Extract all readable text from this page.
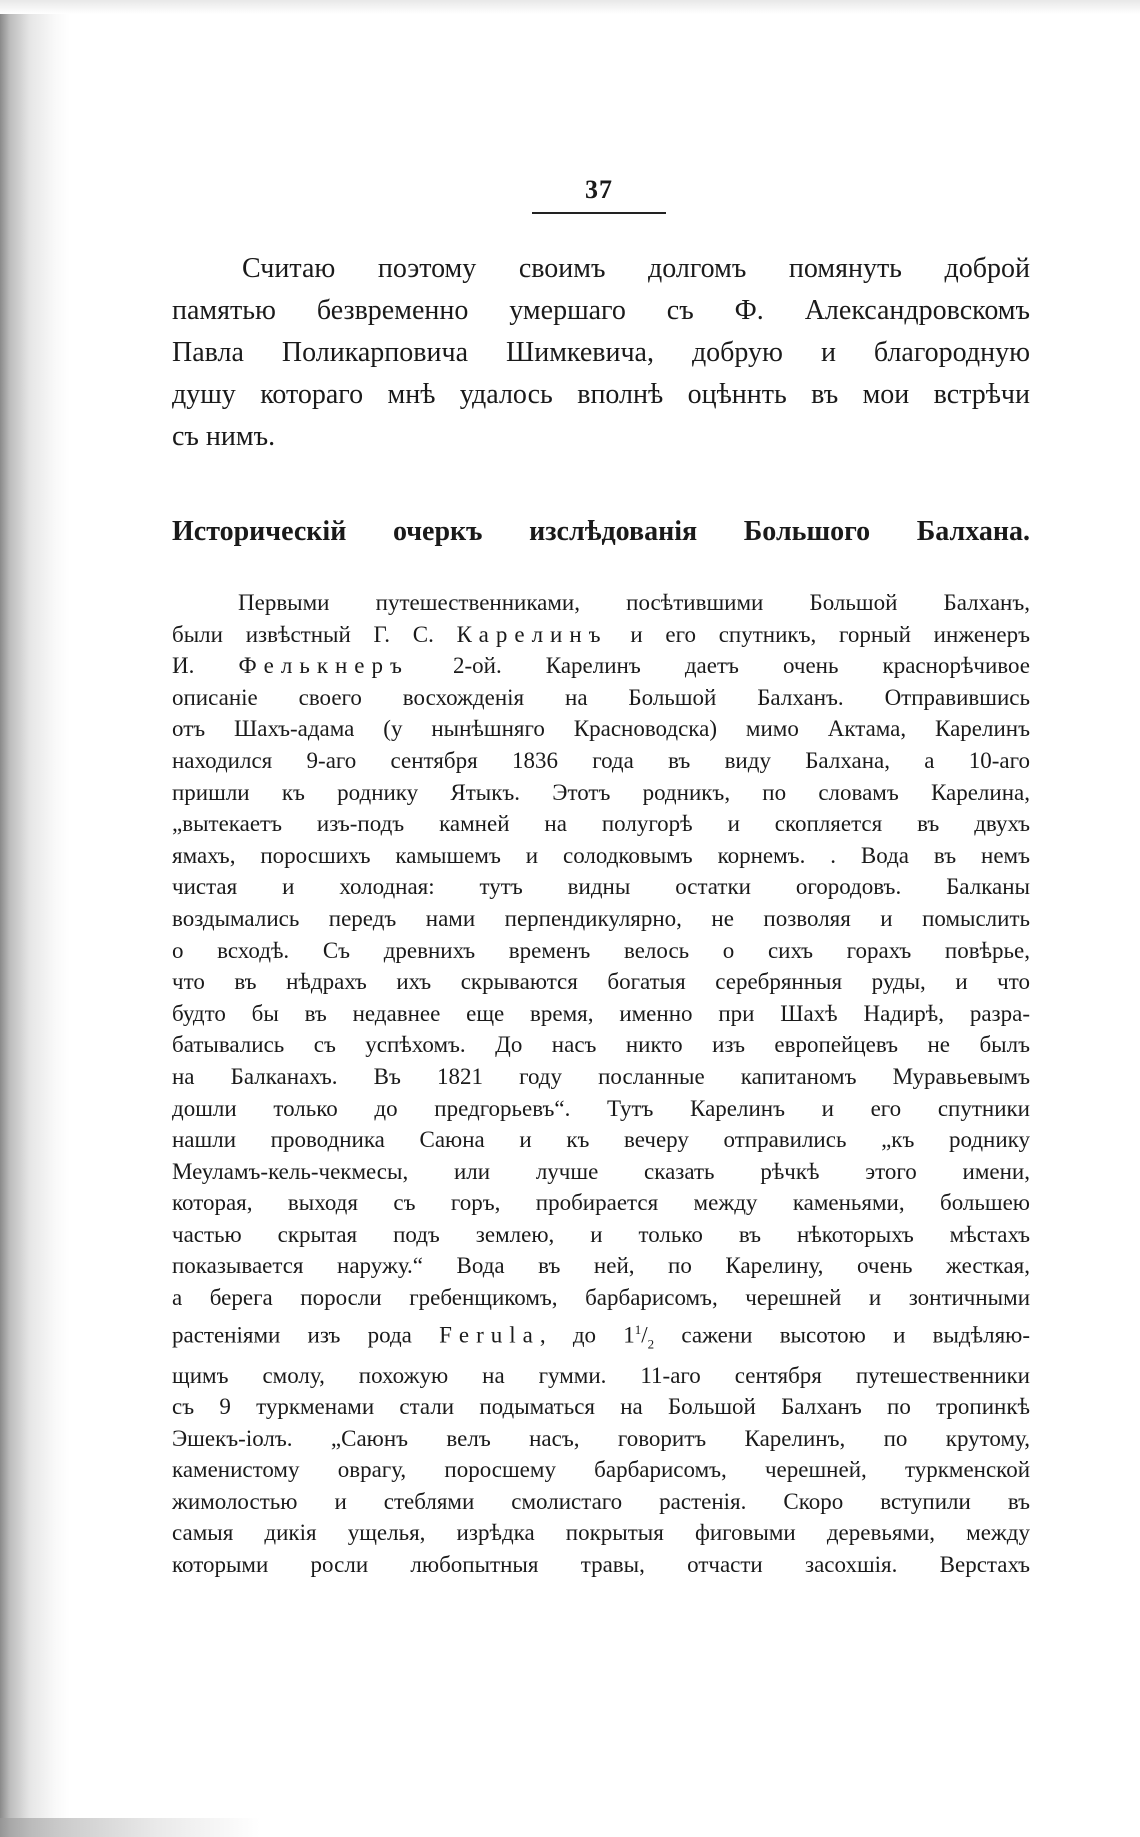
37
Считаю поэтому своимъ долгомъ помянуть доброй
памятью безвременно умершаго съ Ф. Александровскомъ
Павла Поликарповича Шимкевича, добрую и благородную
душу котораго мнѣ удалось вполнѣ оцѣннть въ мои встрѣчи
съ нимъ.
Историческій очеркъ изслѣдованія Большого Балхана.
Первыми путешественниками, посѣтившими Большой Балханъ,
были извѣстный Г. С. Карелинъ и его спутникъ, горный инженеръ
И. Фелькнеръ 2-ой. Карелинъ даетъ очень краснорѣчивое
описаніе своего восхожденія на Большой Балханъ. Отправившись
отъ Шахъ-адама (у нынѣшняго Красноводска) мимо Актама, Карелинъ
находился 9-аго сентября 1836 года въ виду Балхана, а 10-аго
пришли къ роднику Ятыкъ. Этотъ родникъ, по словамъ Карелина,
„вытекаетъ изъ-подъ камней на полугорѣ и скопляется въ двухъ
ямахъ, поросшихъ камышемъ и солодковымъ корнемъ. . Вода въ немъ
чистая и холодная: тутъ видны остатки огородовъ. Балканы
воздымались передъ нами перпендикулярно, не позволяя и помыслить
о всходѣ. Съ древнихъ временъ велось о сихъ горахъ повѣрье,
что въ нѣдрахъ ихъ скрываются богатыя серебрянныя руды, и что
будто бы въ недавнее еще время, именно при Шахѣ Надирѣ, разра-
батывались съ успѣхомъ. До насъ никто изъ европейцевъ не былъ
на Балканахъ. Въ 1821 году посланные капитаномъ Муравьевымъ
дошли только до предгорьевъ“. Тутъ Карелинъ и его спутники
нашли проводника Саюна и къ вечеру отправились „къ роднику
Меуламъ-кель-чекмесы, или лучше сказать рѣчкѣ этого имени,
которая, выходя съ горъ, пробирается между каменьями, большею
частью скрытая подъ землею, и только въ нѣкоторыхъ мѣстахъ
показывается наружу.“ Вода въ ней, по Карелину, очень жесткая,
а берега поросли гребенщикомъ, барбарисомъ, черешней и зонтичными
растеніями изъ рода Ferula, до $1^1/_2$ сажени высотою и выдѣляю-
щимъ смолу, похожую на гумми. 11-аго сентября путешественники
съ 9 туркменами стали подыматься на Большой Балханъ по тропинкѣ
Эшекъ-іолъ. „Саюнъ велъ насъ, говоритъ Карелинъ, по крутому,
каменистому оврагу, поросшему барбарисомъ, черешней, туркменской
жимолостью и стеблями смолистаго растенія. Скоро вступили въ
самыя дикія ущелья, изрѣдка покрытыя фиговыми деревьями, между
которыми росли любопытныя травы, отчасти засохшія. Верстахъ
